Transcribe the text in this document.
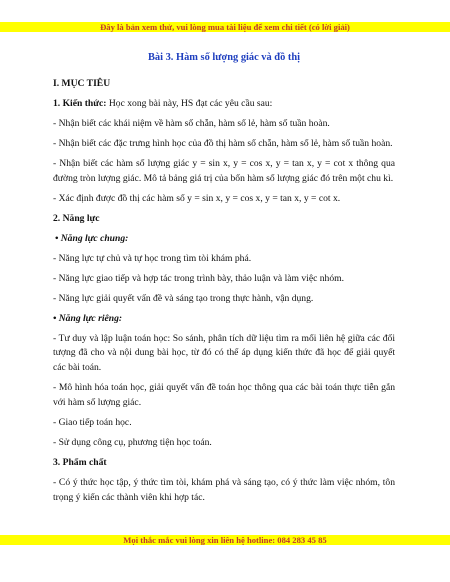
Đây là bản xem thử, vui lòng mua tài liệu để xem chi tiết (có lời giải)

Bài 3. Hàm số lượng giác và đồ thị

I. MỤC TIÊU

1. Kiến thức: Học xong bài này, HS đạt các yêu cầu sau:

- Nhận biết các khái niệm về hàm số chẵn, hàm số lẻ, hàm số tuần hoàn.

- Nhận biết các đặc trưng hình học của đồ thị hàm số chẵn, hàm số lẻ, hàm số tuần hoàn.

- Nhận biết các hàm số lượng giác y = sin x, y = cos x, y = tan x, y = cot x thông qua đường tròn lượng giác. Mô tả bảng giá trị của bốn hàm số lượng giác đó trên một chu kì.

- Xác định được đồ thị các hàm số y = sin x, y = cos x, y = tan x, y = cot x.

2. Năng lực

• Năng lực chung:

- Năng lực tự chủ và tự học trong tìm tòi khám phá.

- Năng lực giao tiếp và hợp tác trong trình bày, thảo luận và làm việc nhóm.

- Năng lực giải quyết vấn đề và sáng tạo trong thực hành, vận dụng.

• Năng lực riêng:

- Tư duy và lập luận toán học: So sánh, phân tích dữ liệu tìm ra mối liên hệ giữa các đối tượng đã cho và nội dung bài học, từ đó có thể áp dụng kiến thức đã học để giải quyết các bài toán.

- Mô hình hóa toán học, giải quyết vấn đề toán học thông qua các bài toán thực tiễn gắn với hàm số lượng giác.

- Giao tiếp toán học.

- Sử dụng công cụ, phương tiện học toán.

3. Phẩm chất

- Có ý thức học tập, ý thức tìm tòi, khám phá và sáng tạo, có ý thức làm việc nhóm, tôn trọng ý kiến các thành viên khi hợp tác.

Mọi thắc mắc vui lòng xin liên hệ hotline: 084 283 45 85
